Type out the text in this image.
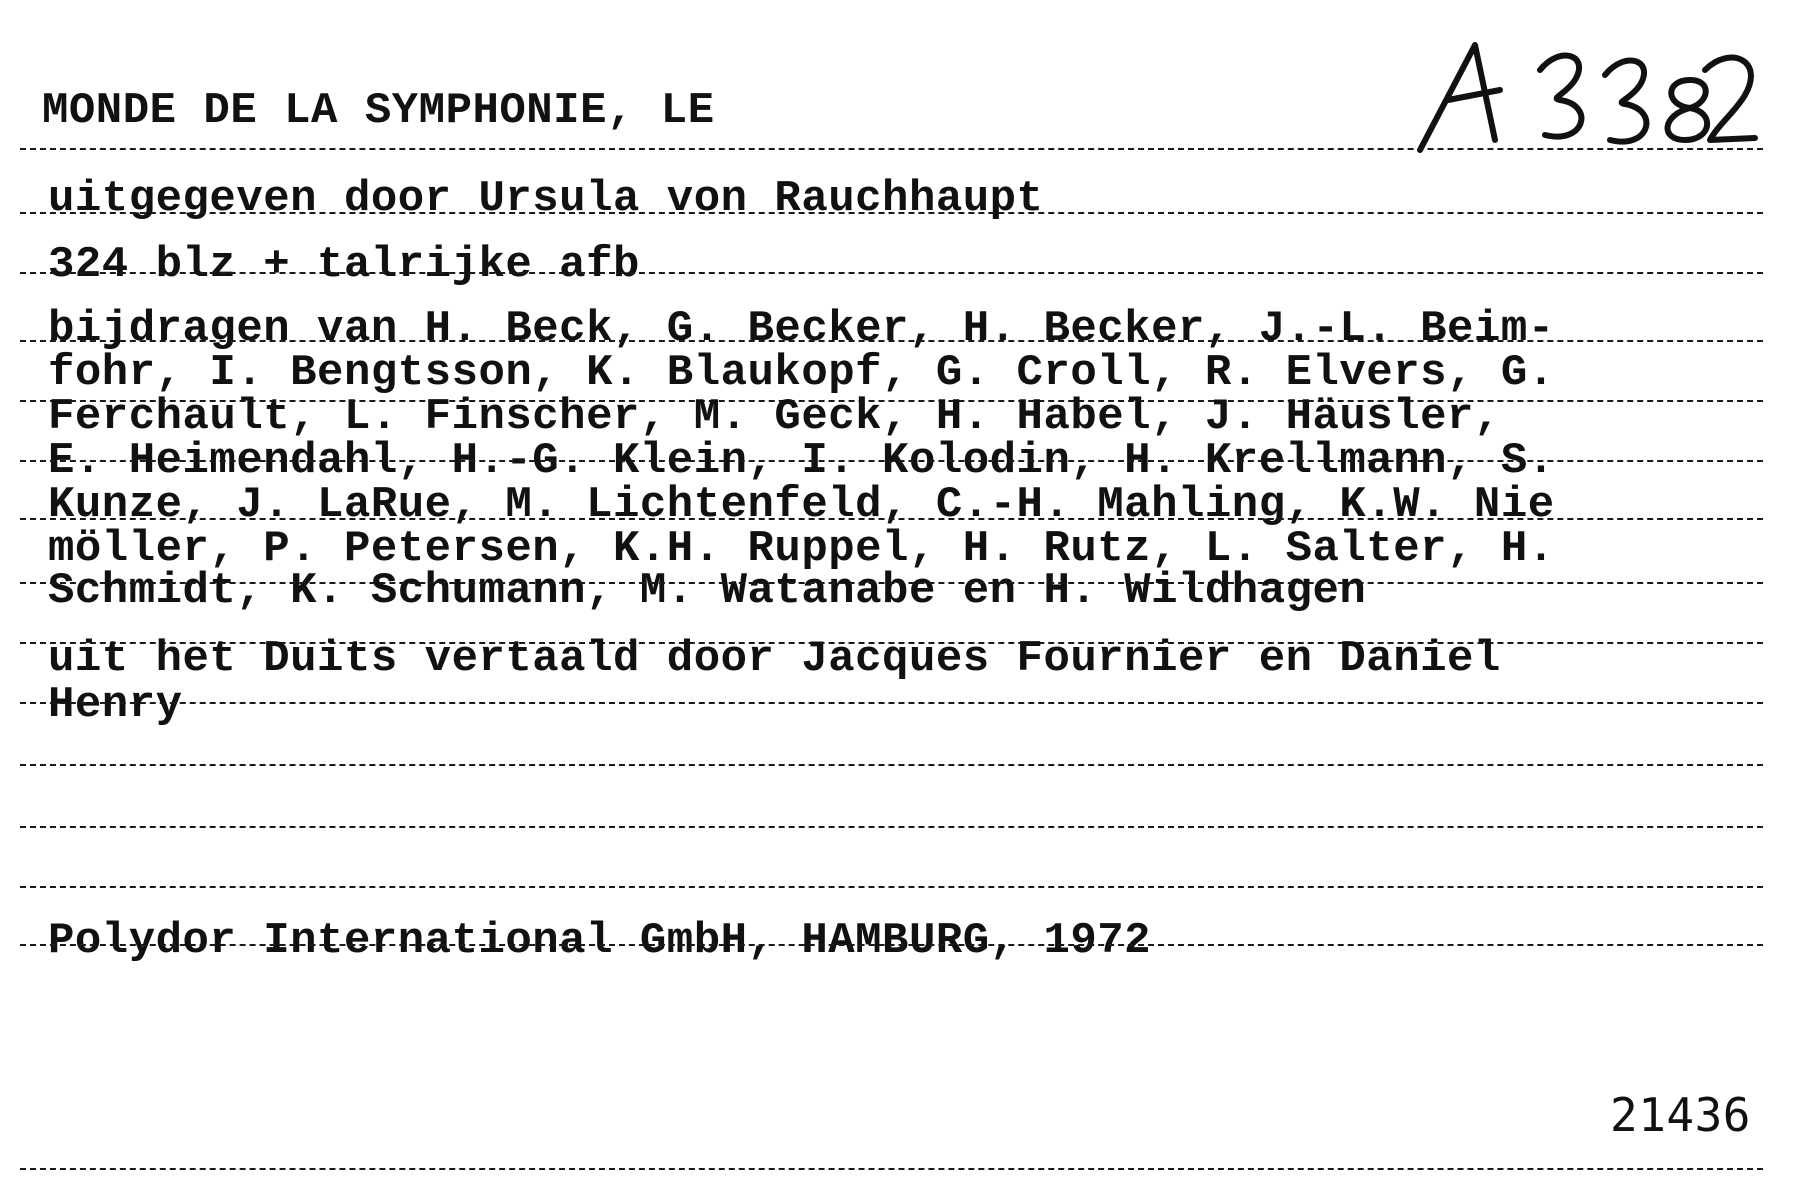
MONDE DE LA SYMPHONIE, LE
uitgegeven door Ursula von Rauchhaupt
324 blz + talrijke afb
bijdragen van H. Beck, G. Becker, H. Becker, J.-L. Beim-
fohr, I. Bengtsson, K. Blaukopf, G. Croll, R. Elvers, G.
Ferchault, L. Finscher, M. Geck, H. Habel, J. Häusler,
E. Heimendahl, H.-G. Klein, I. Kolodin, H. Krellmann, S.
Kunze, J. LaRue, M. Lichtenfeld, C.-H. Mahling, K.W. Nie
möller, P. Petersen, K.H. Ruppel, H. Rutz, L. Salter, H.
Schmidt, K. Schumann, M. Watanabe en H. Wildhagen
uit het Duits vertaald door Jacques Fournier en Daniel
Henry
Polydor International GmbH, HAMBURG, 1972
21436
